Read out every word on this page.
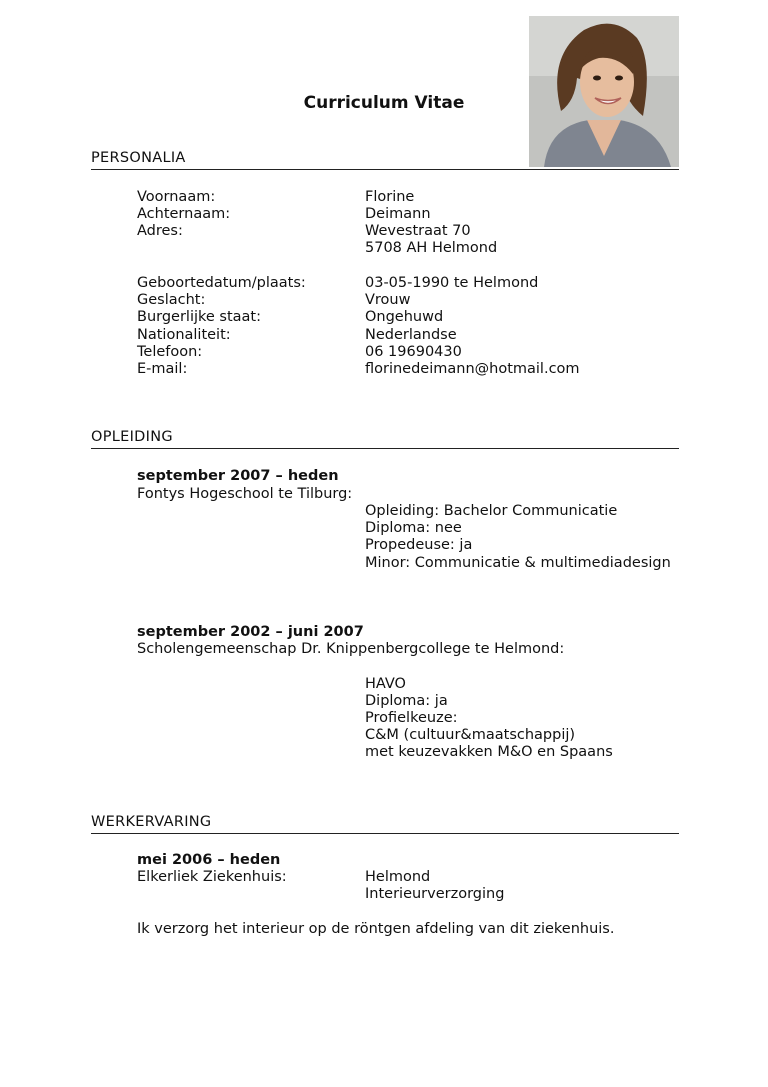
Curriculum Vitae
PERSONALIA
Voornaam:	Florine
Achternaam:	Deimann
Adres:	Wevestraat 70
5708 AH Helmond
Geboortedatum/plaats:	03-05-1990 te Helmond
Geslacht:	Vrouw
Burgerlijke staat:	Ongehuwd
Nationaliteit:	Nederlandse
Telefoon:	06 19690430
E-mail:	florinedeimann@hotmail.com
OPLEIDING
september 2007 – heden
Fontys Hogeschool te Tilburg:
Opleiding: Bachelor Communicatie
Diploma: nee
Propedeuse: ja
Minor: Communicatie & multimediadesign
september 2002 – juni 2007
Scholengemeenschap Dr. Knippenbergcollege te Helmond:
HAVO
Diploma: ja
Profielkeuze:
C&M (cultuur&maatschappij)
met keuzevakken M&O en Spaans
WERKERVARING
mei 2006 – heden
Elkerliek Ziekenhuis:	Helmond
Interieurverzorging
Ik verzorg het interieur op de röntgen afdeling van dit ziekenhuis.
